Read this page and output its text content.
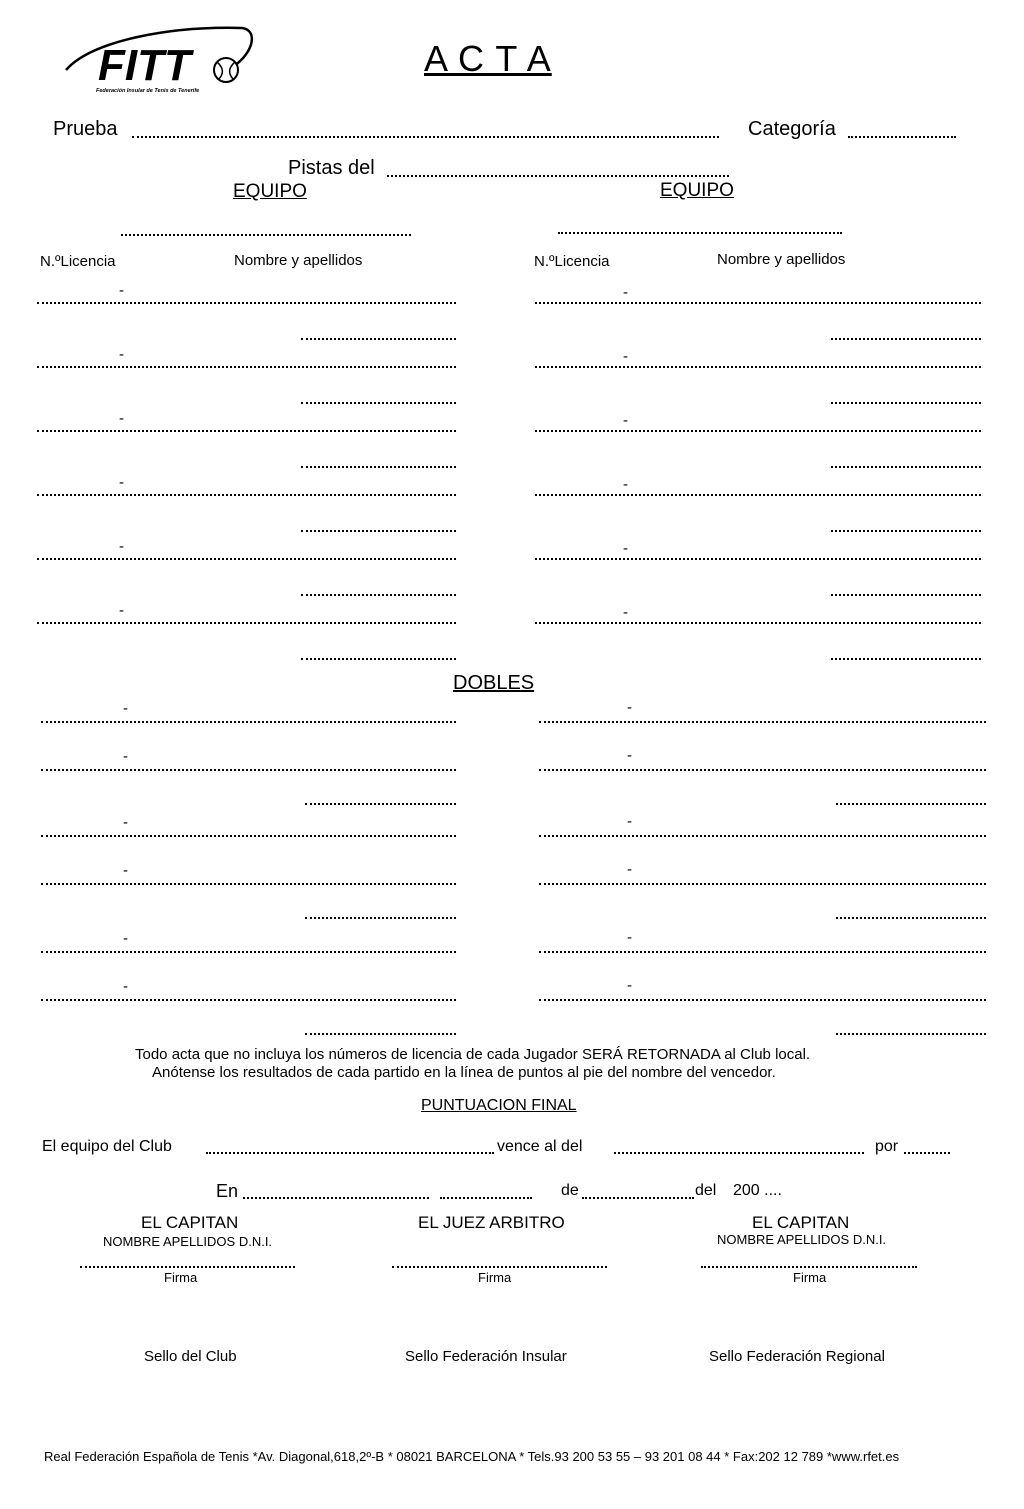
FITT
Federación Insular de Tenis de Tenerife
A C T A
Prueba	Categoría
Pistas del
EQUIPO	EQUIPO
N.ºLicencia	Nombre y apellidos	N.ºLicencia	Nombre y apellidos
-	-
-	-
-	-
-	-
-	-
-	-
DOBLES
-	-
-	-
-	-
-	-
-	-
-	-
Todo acta que no incluya los números de licencia de cada Jugador SERÁ RETORNADA al Club local.
Anótense los resultados de cada partido en la línea de puntos al pie del nombre del vencedor.
PUNTUACION FINAL
El equipo del Club	vence al del	por
En	de	del 200 ....
EL CAPITAN
NOMBRE APELLIDOS D.N.I.
Firma
EL JUEZ ARBITRO
Firma
EL CAPITAN
NOMBRE APELLIDOS D.N.I.
Firma
Sello del Club	Sello Federación Insular	Sello Federación Regional
Real Federación Española de Tenis *Av. Diagonal,618,2º-B * 08021 BARCELONA * Tels.93 200 53 55 – 93 201 08 44 * Fax:202 12 789 *www.rfet.es
